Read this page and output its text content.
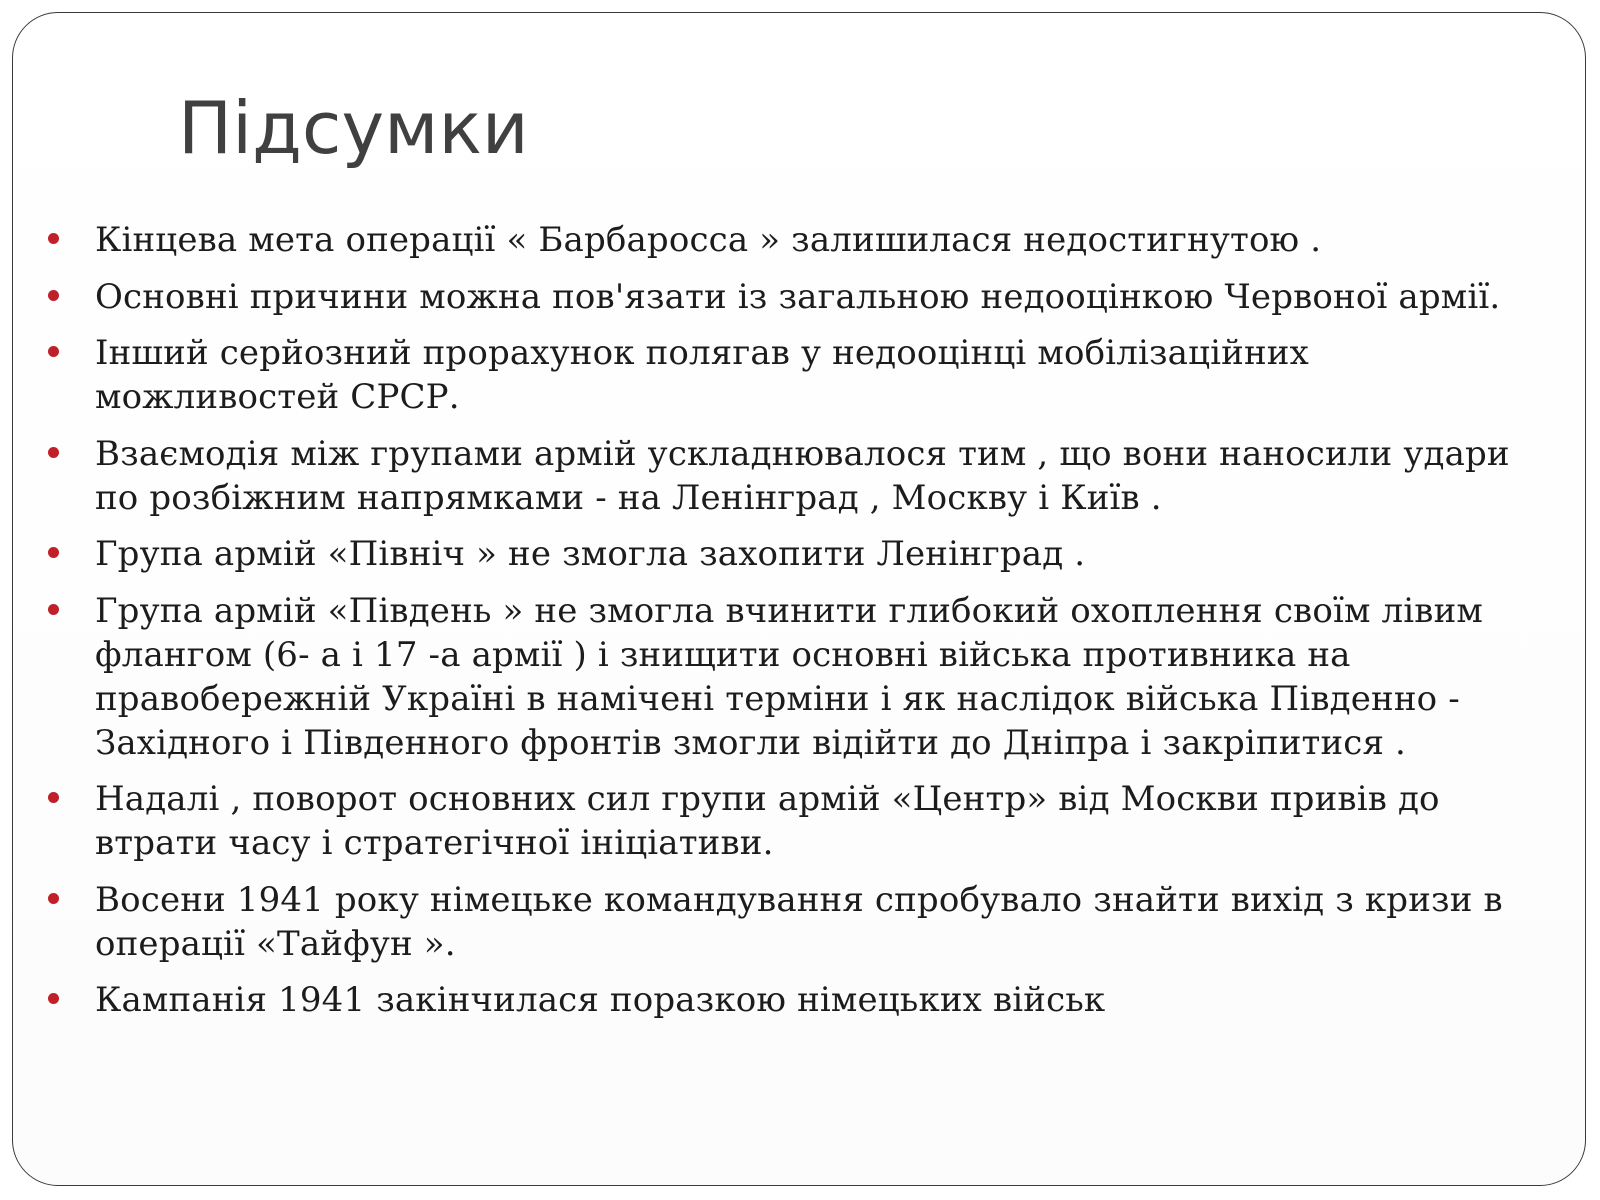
Підсумки
Кінцева мета операції « Барбаросса » залишилася недостигнутою .
Основні причини можна пов'язати із загальною недооцінкою Червоної армії.
Інший серйозний прорахунок полягав у недооцінці мобілізаційних можливостей СРСР.
Взаємодія між групами армій ускладнювалося тим , що вони наносили удари по розбіжним напрямками - на Ленінград , Москву і Київ .
Група армій «Північ » не змогла захопити Ленінград .
Група армій «Південь » не змогла вчинити глибокий охоплення своїм лівим флангом (6- а і 17 -а армії ) і знищити основні війська противника на правобережній Україні в намічені терміни і як наслідок війська Південно - Західного і Південного фронтів змогли відійти до Дніпра і закріпитися .
Надалі , поворот основних сил групи армій «Центр» від Москви привів до втрати часу і стратегічної ініціативи.
Восени 1941 року німецьке командування спробувало знайти вихід з кризи в операції «Тайфун ».
Кампанія 1941 закінчилася поразкою німецьких військ
